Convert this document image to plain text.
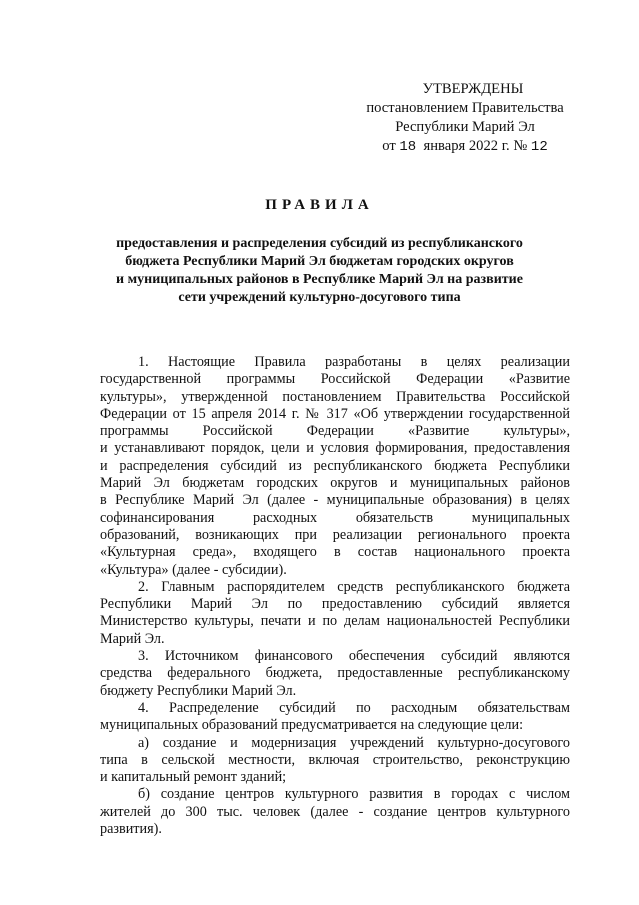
УТВЕРЖДЕНЫ
постановлением Правительства
Республики Марий Эл
от 18 января 2022 г. № 12
ПРАВИЛА
предоставления и распределения субсидий из республиканского
бюджета Республики Марий Эл бюджетам городских округов
и муниципальных районов в Республике Марий Эл на развитие
сети учреждений культурно-досугового типа
1. Настоящие Правила разработаны в целях реализации
государственной программы Российской Федерации «Развитие
культуры», утвержденной постановлением Правительства Российской
Федерации от 15 апреля 2014 г. № 317 «Об утверждении государственной
программы Российской Федерации «Развитие культуры»,
и устанавливают порядок, цели и условия формирования, предоставления
и распределения субсидий из республиканского бюджета Республики
Марий Эл бюджетам городских округов и муниципальных районов
в Республике Марий Эл (далее - муниципальные образования) в целях
софинансирования расходных обязательств муниципальных
образований, возникающих при реализации регионального проекта
«Культурная среда», входящего в состав национального проекта
«Культура» (далее - субсидии).
2. Главным распорядителем средств республиканского бюджета
Республики Марий Эл по предоставлению субсидий является
Министерство культуры, печати и по делам национальностей Республики
Марий Эл.
3. Источником финансового обеспечения субсидий являются
средства федерального бюджета, предоставленные республиканскому
бюджету Республики Марий Эл.
4. Распределение субсидий по расходным обязательствам
муниципальных образований предусматривается на следующие цели:
а) создание и модернизация учреждений культурно-досугового
типа в сельской местности, включая строительство, реконструкцию
и капитальный ремонт зданий;
б) создание центров культурного развития в городах с числом
жителей до 300 тыс. человек (далее - создание центров культурного
развития).
